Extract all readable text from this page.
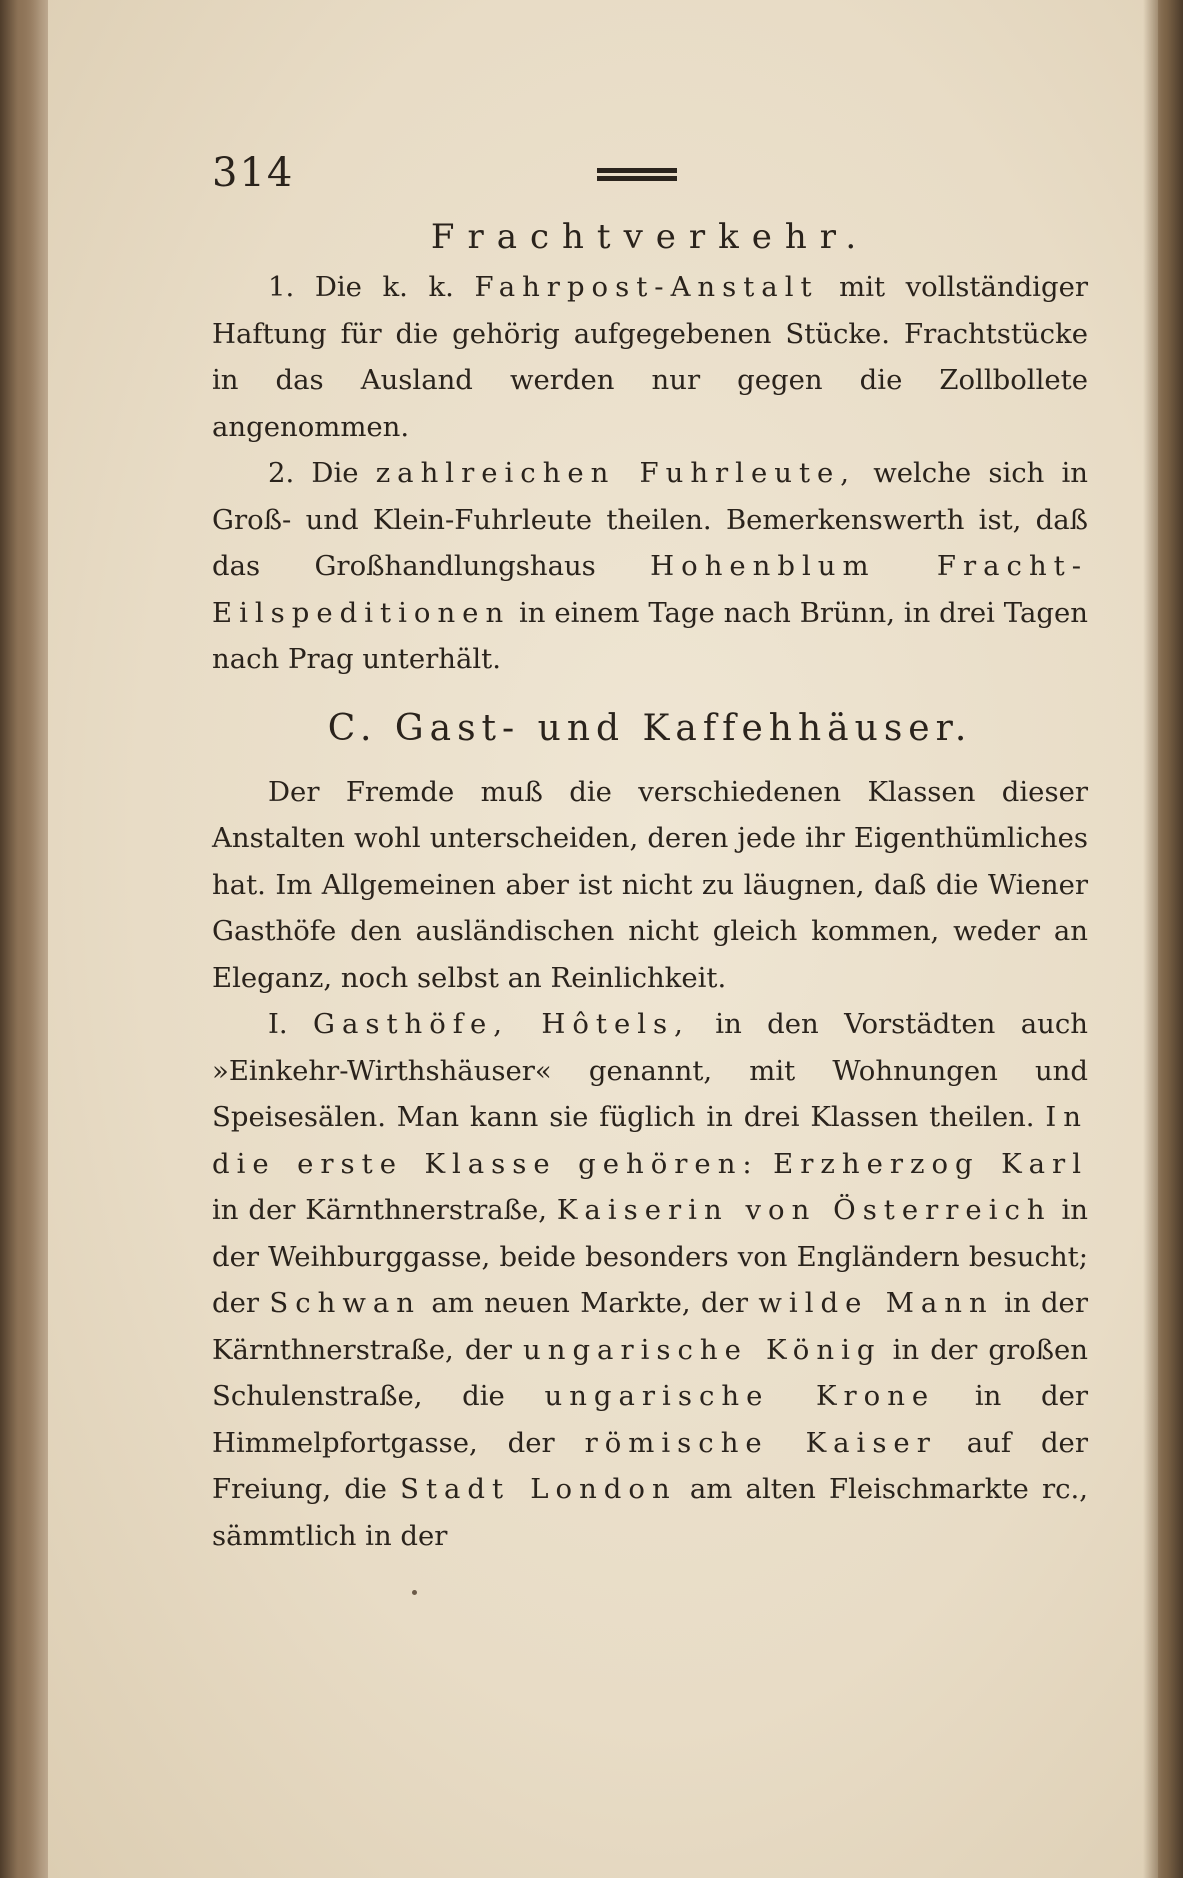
314
Frachtverkehr.

1. Die k. k. Fahrpost-Anstalt mit vollständiger Haftung für die gehörig aufgegebenen Stücke. Frachtstücke in das Ausland werden nur gegen die Zollbollete angenommen.

2. Die zahlreichen Fuhrleute, welche sich in Groß- und Klein-Fuhrleute theilen. Bemerkenswerth ist, daß das Großhandlungshaus Hohenblum Fracht-Eilspeditionen in einem Tage nach Brünn, in drei Tagen nach Prag unterhält.

C. Gast- und Kaffehhäuser.

Der Fremde muß die verschiedenen Klassen dieser Anstalten wohl unterscheiden, deren jede ihr Eigenthümliches hat. Im Allgemeinen aber ist nicht zu läugnen, daß die Wiener Gasthöfe den ausländischen nicht gleich kommen, weder an Eleganz, noch selbst an Reinlichkeit.

I. Gasthöfe, Hôtels, in den Vorstädten auch »Einkehr-Wirthshäuser« genannt, mit Wohnungen und Speisesälen. Man kann sie füglich in drei Klassen theilen. In die erste Klasse gehören: Erzherzog Karl in der Kärnthnerstraße, Kaiserin von Österreich in der Weihburggasse, beide besonders von Engländern besucht; der Schwan am neuen Markte, der wilde Mann in der Kärnthnerstraße, der ungarische König in der großen Schulenstraße, die ungarische Krone in der Himmelpfortgasse, der römische Kaiser auf der Freiung, die Stadt London am alten Fleischmarkte rc., sämmtlich in der
